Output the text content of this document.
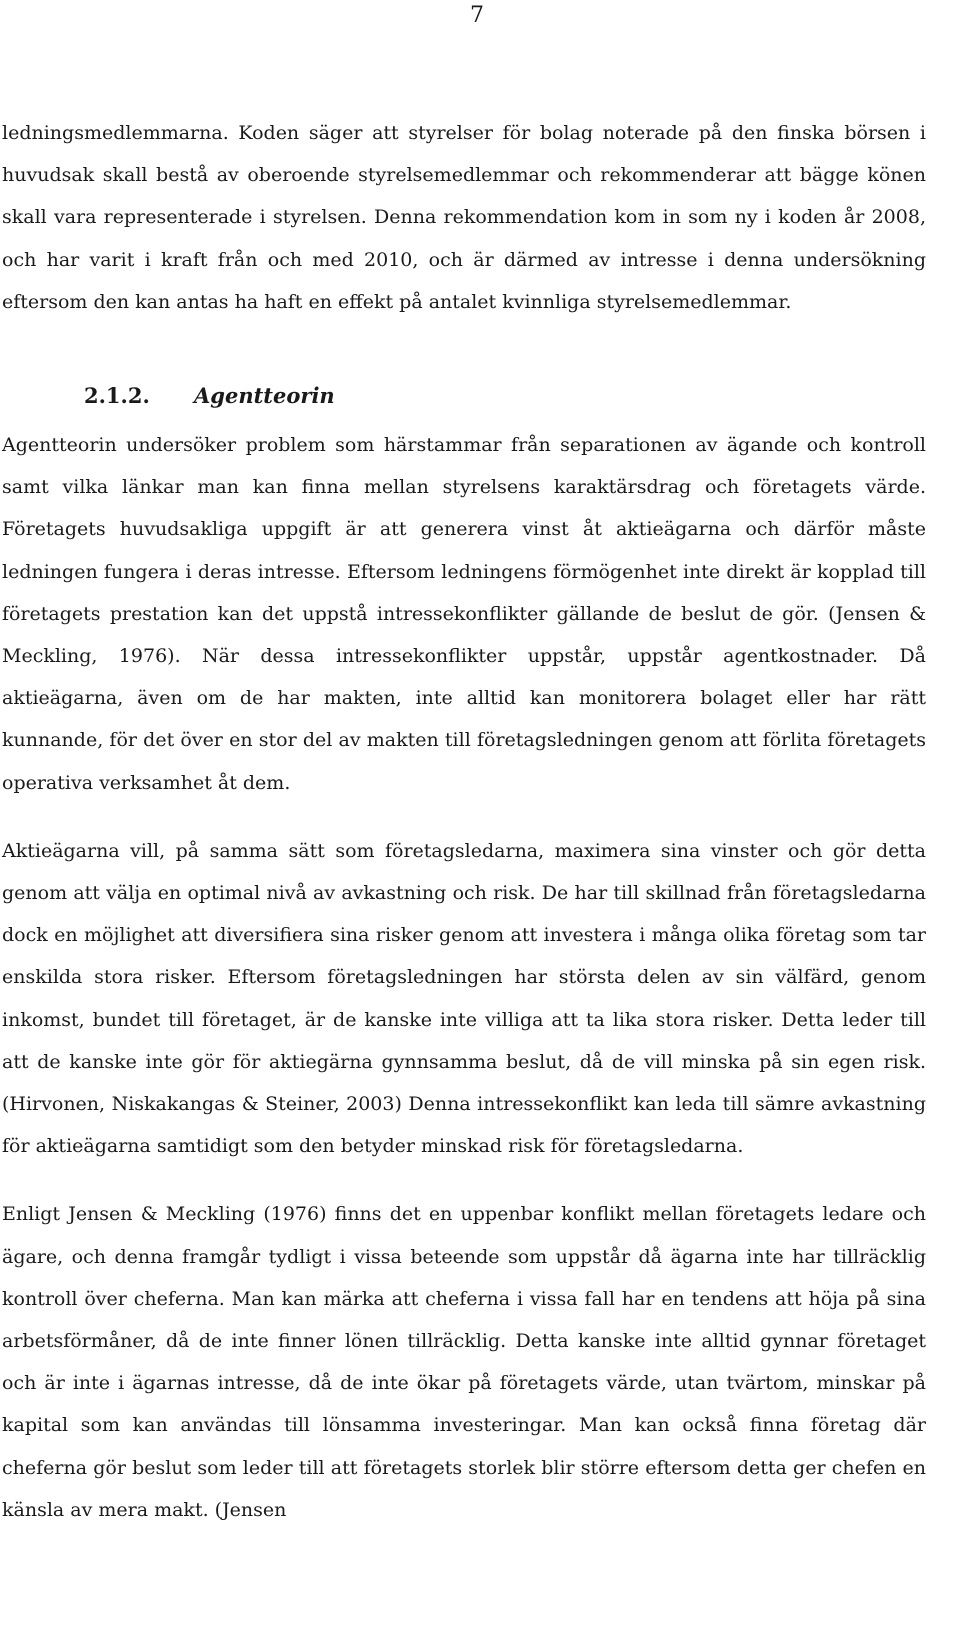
7

ledningsmedlemmarna. Koden säger att styrelser för bolag noterade på den finska börsen i huvudsak skall bestå av oberoende styrelsemedlemmar och rekommenderar att bägge könen skall vara representerade i styrelsen. Denna rekommendation kom in som ny i koden år 2008, och har varit i kraft från och med 2010, och är därmed av intresse i denna undersökning eftersom den kan antas ha haft en effekt på antalet kvinnliga styrelsemedlemmar.

2.1.2. Agentteorin

Agentteorin undersöker problem som härstammar från separationen av ägande och kontroll samt vilka länkar man kan finna mellan styrelsens karaktärsdrag och företagets värde. Företagets huvudsakliga uppgift är att generera vinst åt aktieägarna och därför måste ledningen fungera i deras intresse. Eftersom ledningens förmögenhet inte direkt är kopplad till företagets prestation kan det uppstå intressekonflikter gällande de beslut de gör. (Jensen & Meckling, 1976). När dessa intressekonflikter uppstår, uppstår agentkostnader. Då aktieägarna, även om de har makten, inte alltid kan monitorera bolaget eller har rätt kunnande, för det över en stor del av makten till företagsledningen genom att förlita företagets operativa verksamhet åt dem.

Aktieägarna vill, på samma sätt som företagsledarna, maximera sina vinster och gör detta genom att välja en optimal nivå av avkastning och risk. De har till skillnad från företagsledarna dock en möjlighet att diversifiera sina risker genom att investera i många olika företag som tar enskilda stora risker. Eftersom företagsledningen har största delen av sin välfärd, genom inkomst, bundet till företaget, är de kanske inte villiga att ta lika stora risker. Detta leder till att de kanske inte gör för aktiegärna gynnsamma beslut, då de vill minska på sin egen risk. (Hirvonen, Niskakangas & Steiner, 2003) Denna intressekonflikt kan leda till sämre avkastning för aktieägarna samtidigt som den betyder minskad risk för företagsledarna.

Enligt Jensen & Meckling (1976) finns det en uppenbar konflikt mellan företagets ledare och ägare, och denna framgår tydligt i vissa beteende som uppstår då ägarna inte har tillräcklig kontroll över cheferna. Man kan märka att cheferna i vissa fall har en tendens att höja på sina arbetsförmåner, då de inte finner lönen tillräcklig. Detta kanske inte alltid gynnar företaget och är inte i ägarnas intresse, då de inte ökar på företagets värde, utan tvärtom, minskar på kapital som kan användas till lönsamma investeringar. Man kan också finna företag där cheferna gör beslut som leder till att företagets storlek blir större eftersom detta ger chefen en känsla av mera makt. (Jensen
